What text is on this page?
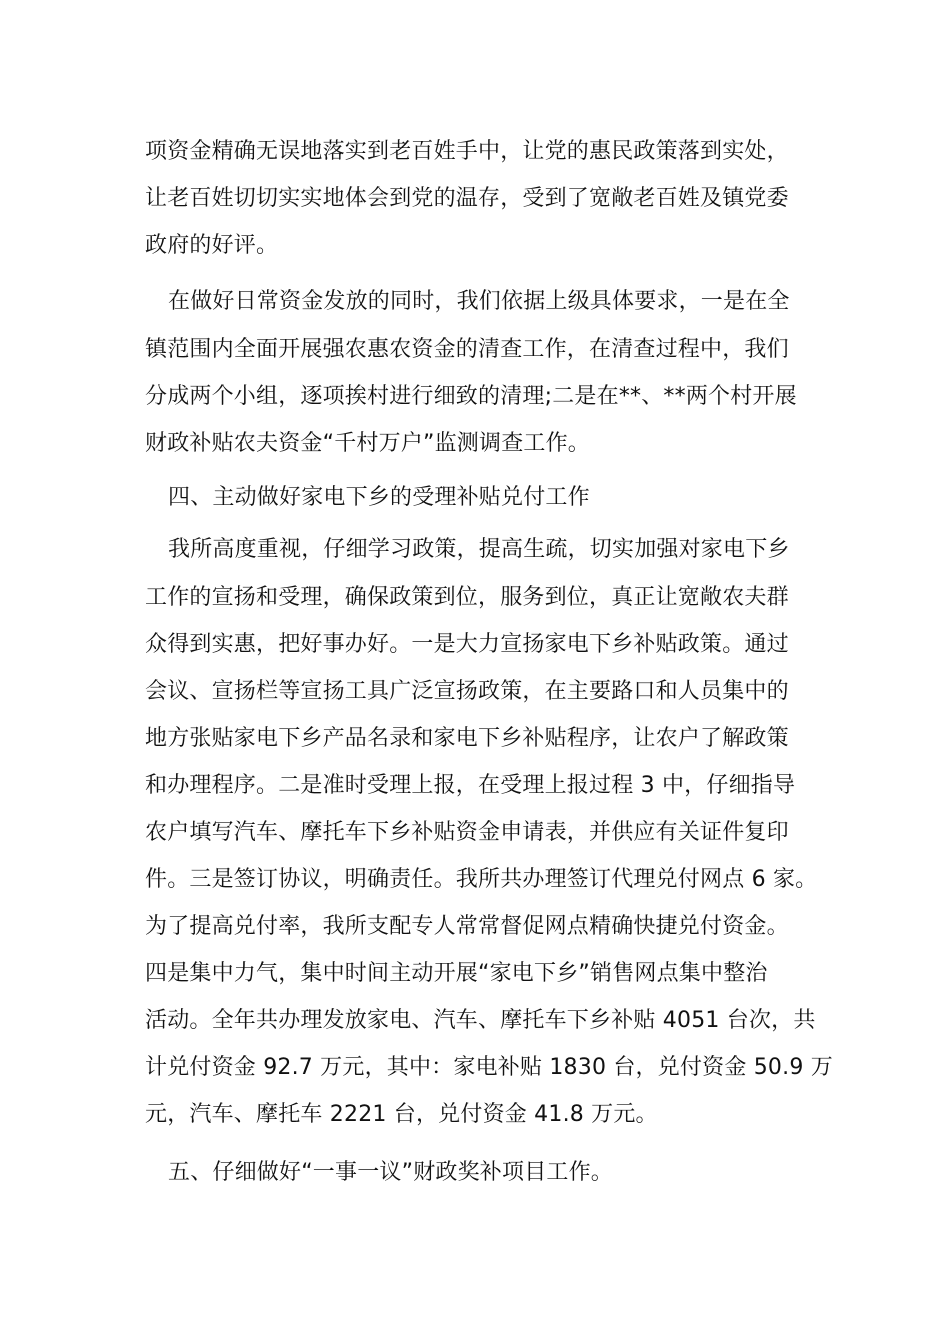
项资金精确无误地落实到老百姓手中，让党的惠民政策落到实处，
让老百姓切切实实地体会到党的温存，受到了宽敞老百姓及镇党委
政府的好评。
在做好日常资金发放的同时，我们依据上级具体要求，一是在全
镇范围内全面开展强农惠农资金的清查工作，在清查过程中，我们
分成两个小组，逐项挨村进行细致的清理;二是在**、**两个村开展
财政补贴农夫资金“千村万户”监测调查工作。
四、主动做好家电下乡的受理补贴兑付工作
我所高度重视，仔细学习政策，提高生疏，切实加强对家电下乡
工作的宣扬和受理，确保政策到位，服务到位，真正让宽敞农夫群
众得到实惠，把好事办好。一是大力宣扬家电下乡补贴政策。通过
会议、宣扬栏等宣扬工具广泛宣扬政策，在主要路口和人员集中的
地方张贴家电下乡产品名录和家电下乡补贴程序，让农户了解政策
和办理程序。二是准时受理上报，在受理上报过程 3 中，仔细指导
农户填写汽车、摩托车下乡补贴资金申请表，并供应有关证件复印
件。三是签订协议，明确责任。我所共办理签订代理兑付网点 6 家。
为了提高兑付率，我所支配专人常常督促网点精确快捷兑付资金。
四是集中力气，集中时间主动开展“家电下乡”销售网点集中整治
活动。全年共办理发放家电、汽车、摩托车下乡补贴 4051 台次，共
计兑付资金 92.7 万元，其中：家电补贴 1830 台，兑付资金 50.9 万
元，汽车、摩托车 2221 台，兑付资金 41.8 万元。
五、仔细做好“一事一议”财政奖补项目工作。
